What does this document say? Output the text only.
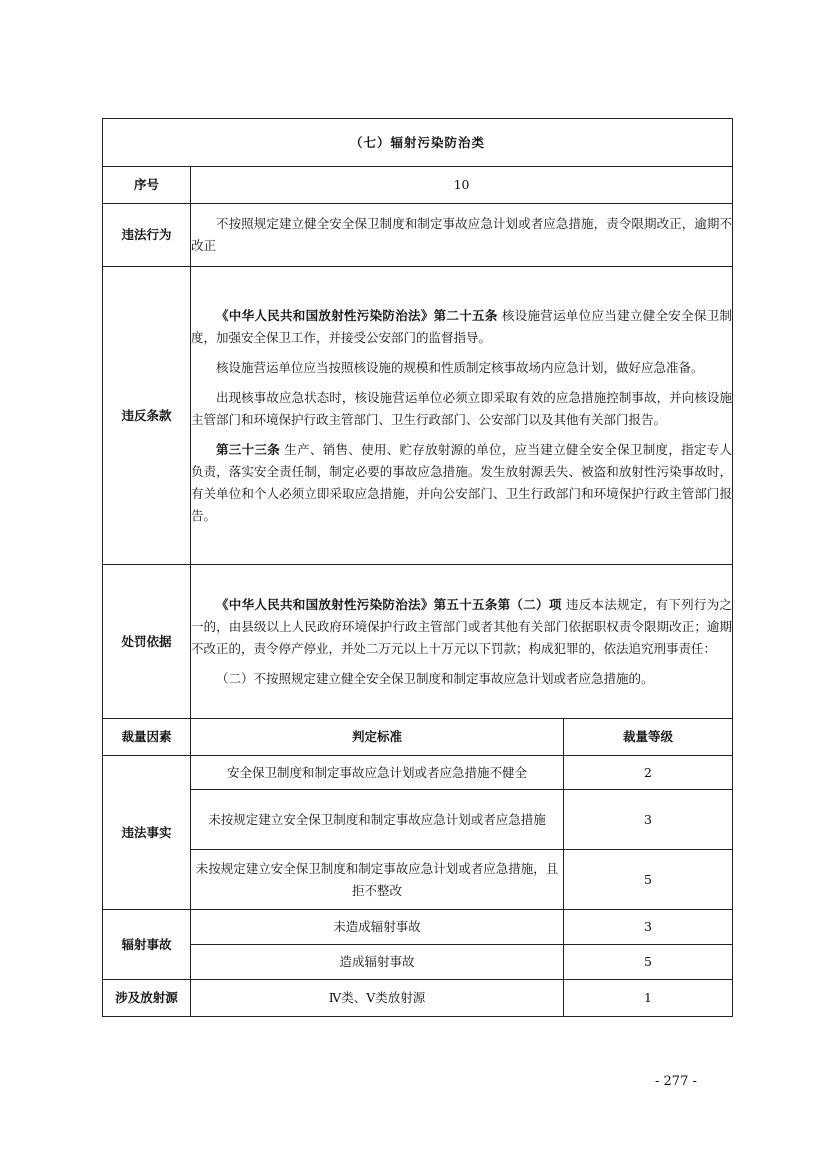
（七）辐射污染防治类		
序号	10	
违法行为	不按照规定建立健全安全保卫制度和制定事故应急计划或者应急措施，责令限期改正，逾期不改正	

违反条款	《中华人民共和国放射性污染防治法》第二十五条 核设施营运单位应当建立健全安全保卫制度，加强安全保卫工作，并接受公安部门的监督指导。

核设施营运单位应当按照核设施的规模和性质制定核事故场内应急计划，做好应急准备。

出现核事故应急状态时，核设施营运单位必须立即采取有效的应急措施控制事故，并向核设施主管部门和环境保护行政主管部门、卫生行政部门、公安部门以及其他有关部门报告。

第三十三条 生产、销售、使用、贮存放射源的单位，应当建立健全安全保卫制度，指定专人负责，落实安全责任制，制定必要的事故应急措施。发生放射源丢失、被盗和放射性污染事故时，有关单位和个人必须立即采取应急措施，并向公安部门、卫生行政部门和环境保护行政主管部门报告。	

处罚依据	《中华人民共和国放射性污染防治法》第五十五条第（二）项 违反本法规定，有下列行为之一的，由县级以上人民政府环境保护行政主管部门或者其他有关部门依据职权责令限期改正；逾期不改正的，责令停产停业，并处二万元以上十万元以下罚款；构成犯罪的，依法追究刑事责任：

（二）不按照规定建立健全安全保卫制度和制定事故应急计划或者应急措施的。	

裁量因素	判定标准	裁量等级
违法事实	安全保卫制度和制定事故应急计划或者应急措施不健全	2
	未按规定建立安全保卫制度和制定事故应急计划或者应急措施	3
	未按规定建立安全保卫制度和制定事故应急计划或者应急措施，且拒不整改	5
辐射事故	未造成辐射事故	3
	造成辐射事故	5
涉及放射源	Ⅳ类、Ⅴ类放射源	1
- 277 -
